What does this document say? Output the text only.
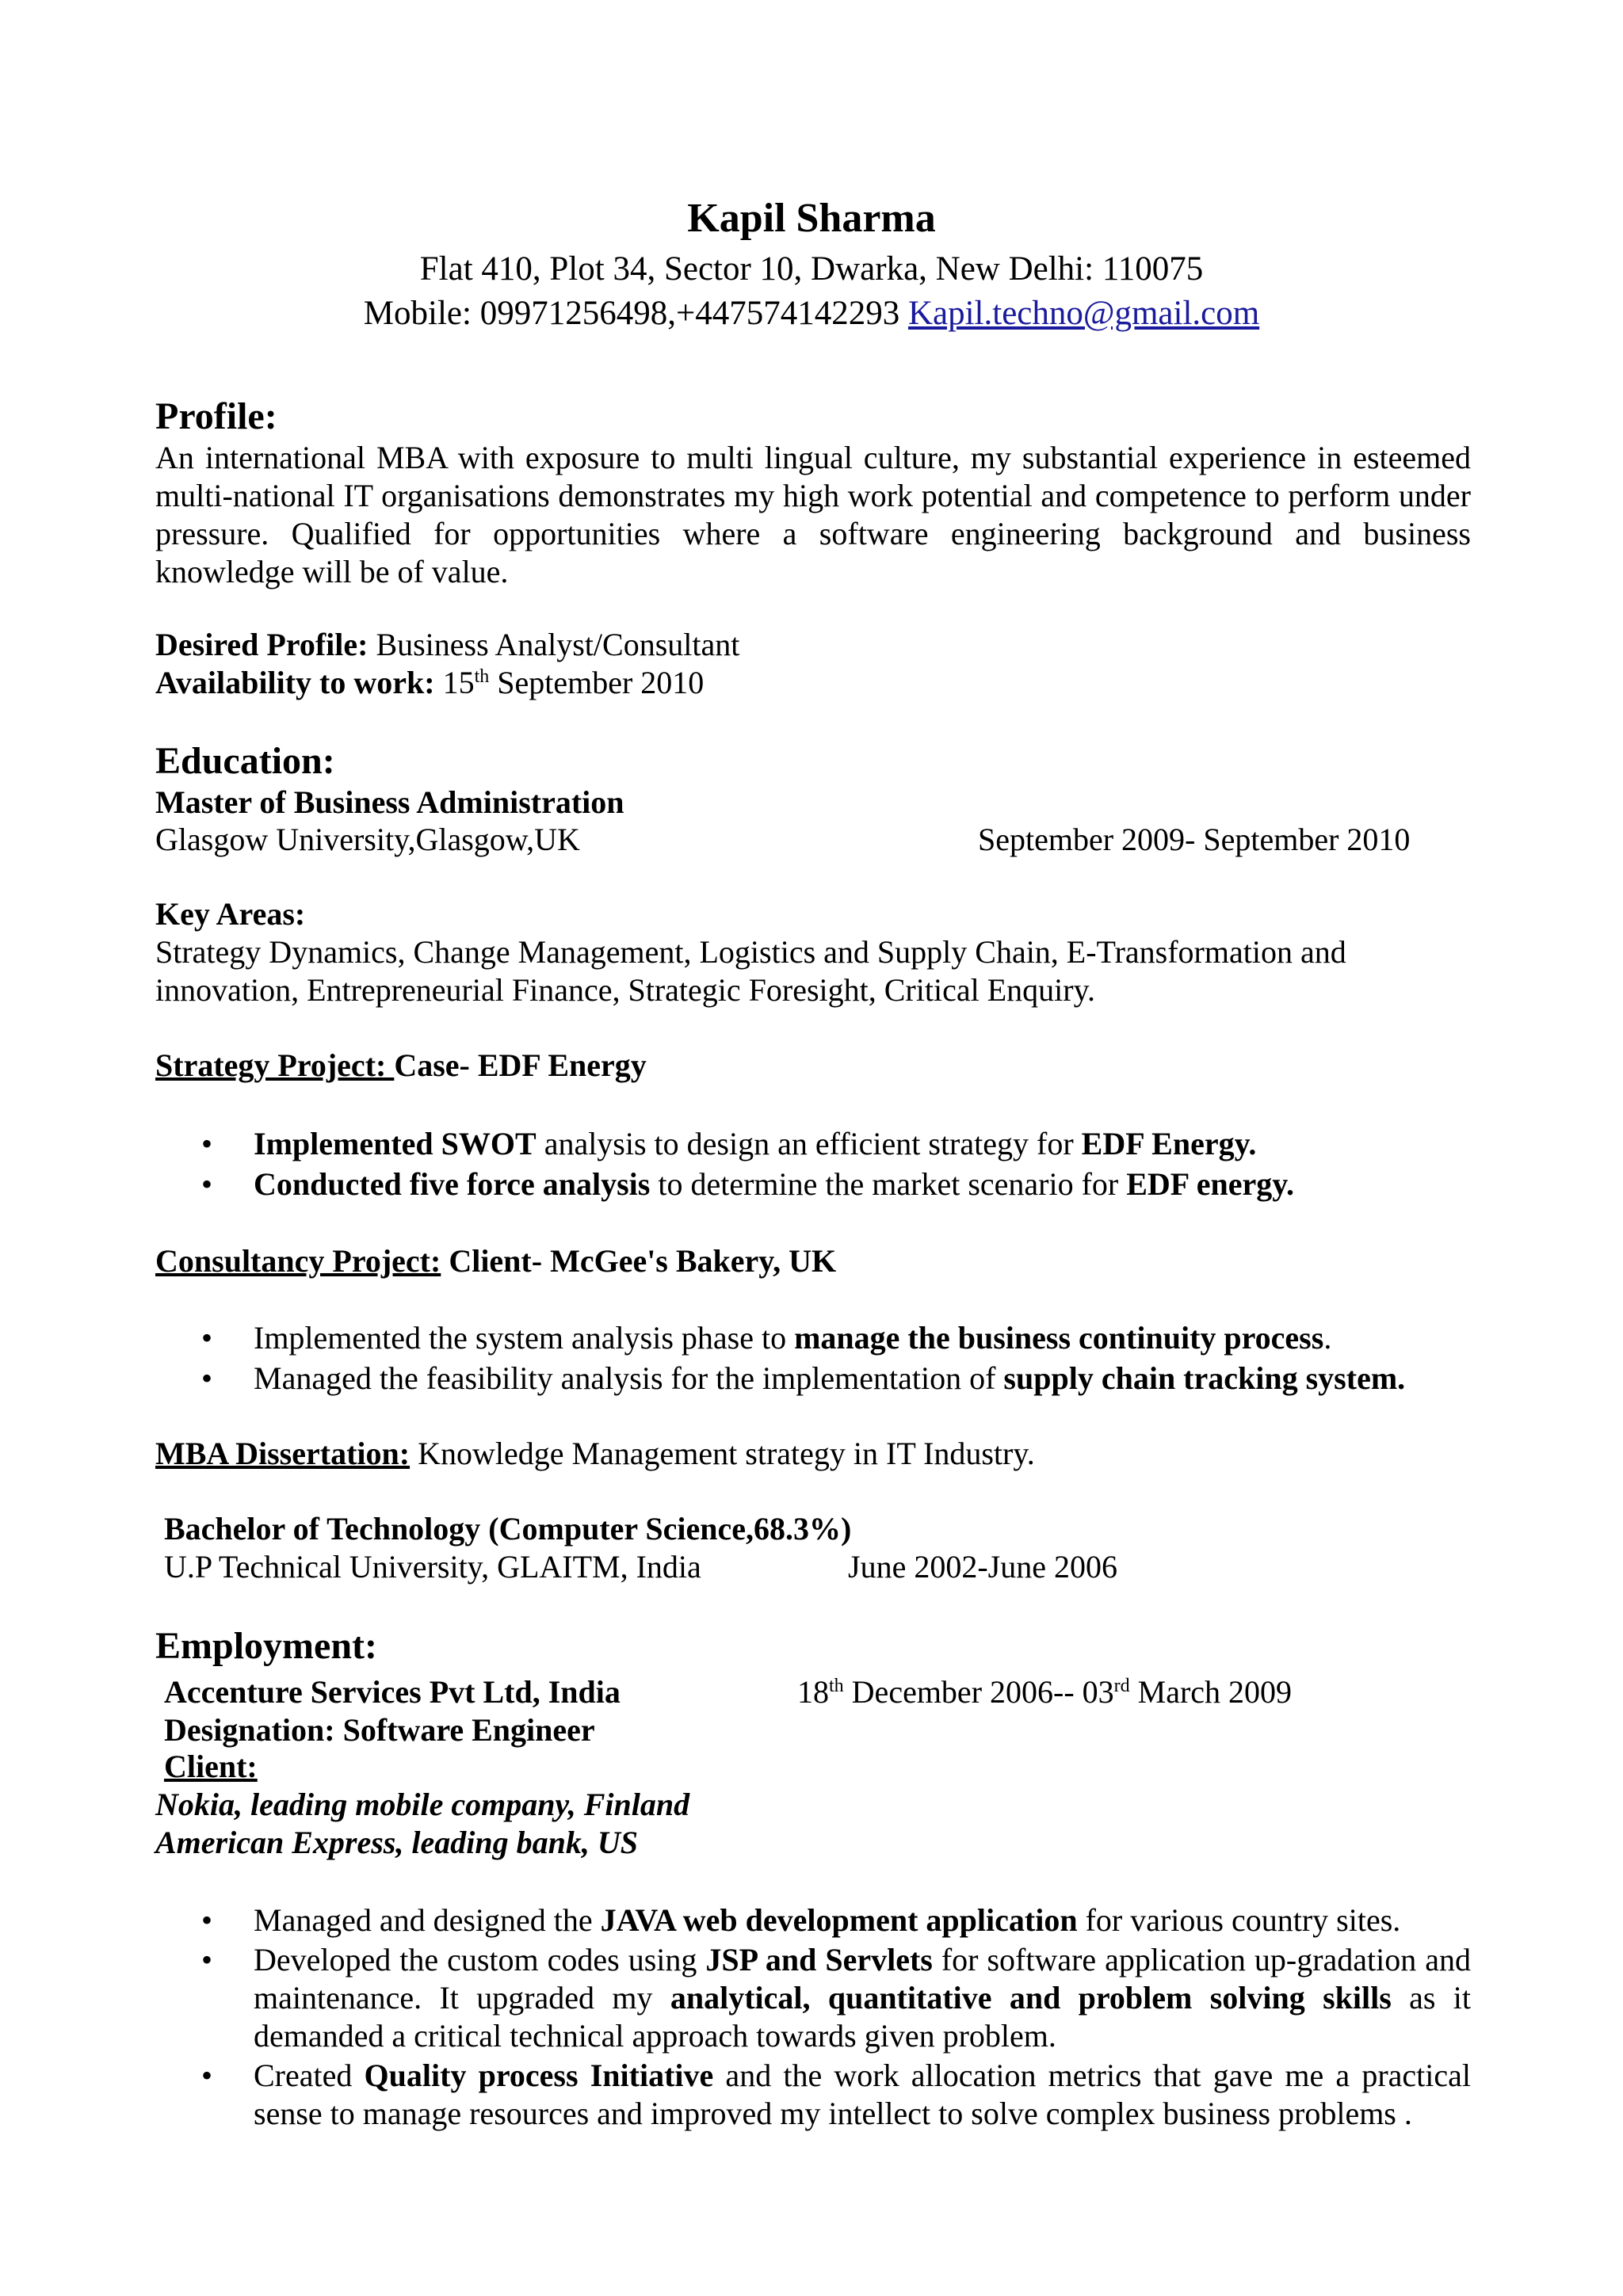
Kapil Sharma
Flat 410, Plot 34, Sector 10, Dwarka, New Delhi: 110075
Mobile: 09971256498,+447574142293 Kapil.techno@gmail.com
Profile:
An international MBA with exposure to multi lingual culture, my substantial experience in esteemed multi-national IT organisations demonstrates my high work potential and competence to perform under pressure. Qualified for opportunities where a software engineering background and business knowledge will be of value.
Desired Profile: Business Analyst/Consultant
Availability to work: 15th September 2010
Education:
Master of Business Administration
Glasgow University,Glasgow,UK	September 2009- September 2010
Key Areas:
Strategy Dynamics, Change Management, Logistics and Supply Chain, E-Transformation and
innovation, Entrepreneurial Finance, Strategic Foresight, Critical Enquiry.
Strategy Project: Case- EDF Energy
• Implemented SWOT analysis to design an efficient strategy for EDF Energy.
• Conducted five force analysis to determine the market scenario for EDF energy.
Consultancy Project: Client- McGee's Bakery, UK
• Implemented the system analysis phase to manage the business continuity process.
• Managed the feasibility analysis for the implementation of supply chain tracking system.
MBA Dissertation: Knowledge Management strategy in IT Industry.
Bachelor of Technology (Computer Science,68.3%)
U.P Technical University, GLAITM, India	June 2002-June 2006
Employment:
Accenture Services Pvt Ltd, India	18th December 2006-- 03rd March 2009
Designation: Software Engineer
Client:
Nokia, leading mobile company, Finland
American Express, leading bank, US
• Managed and designed the JAVA web development application for various country sites.
• Developed the custom codes using JSP and Servlets for software application up-gradation and maintenance. It upgraded my analytical, quantitative and problem solving skills as it demanded a critical technical approach towards given problem.
• Created Quality process Initiative and the work allocation metrics that gave me a practical sense to manage resources and improved my intellect to solve complex business problems .
